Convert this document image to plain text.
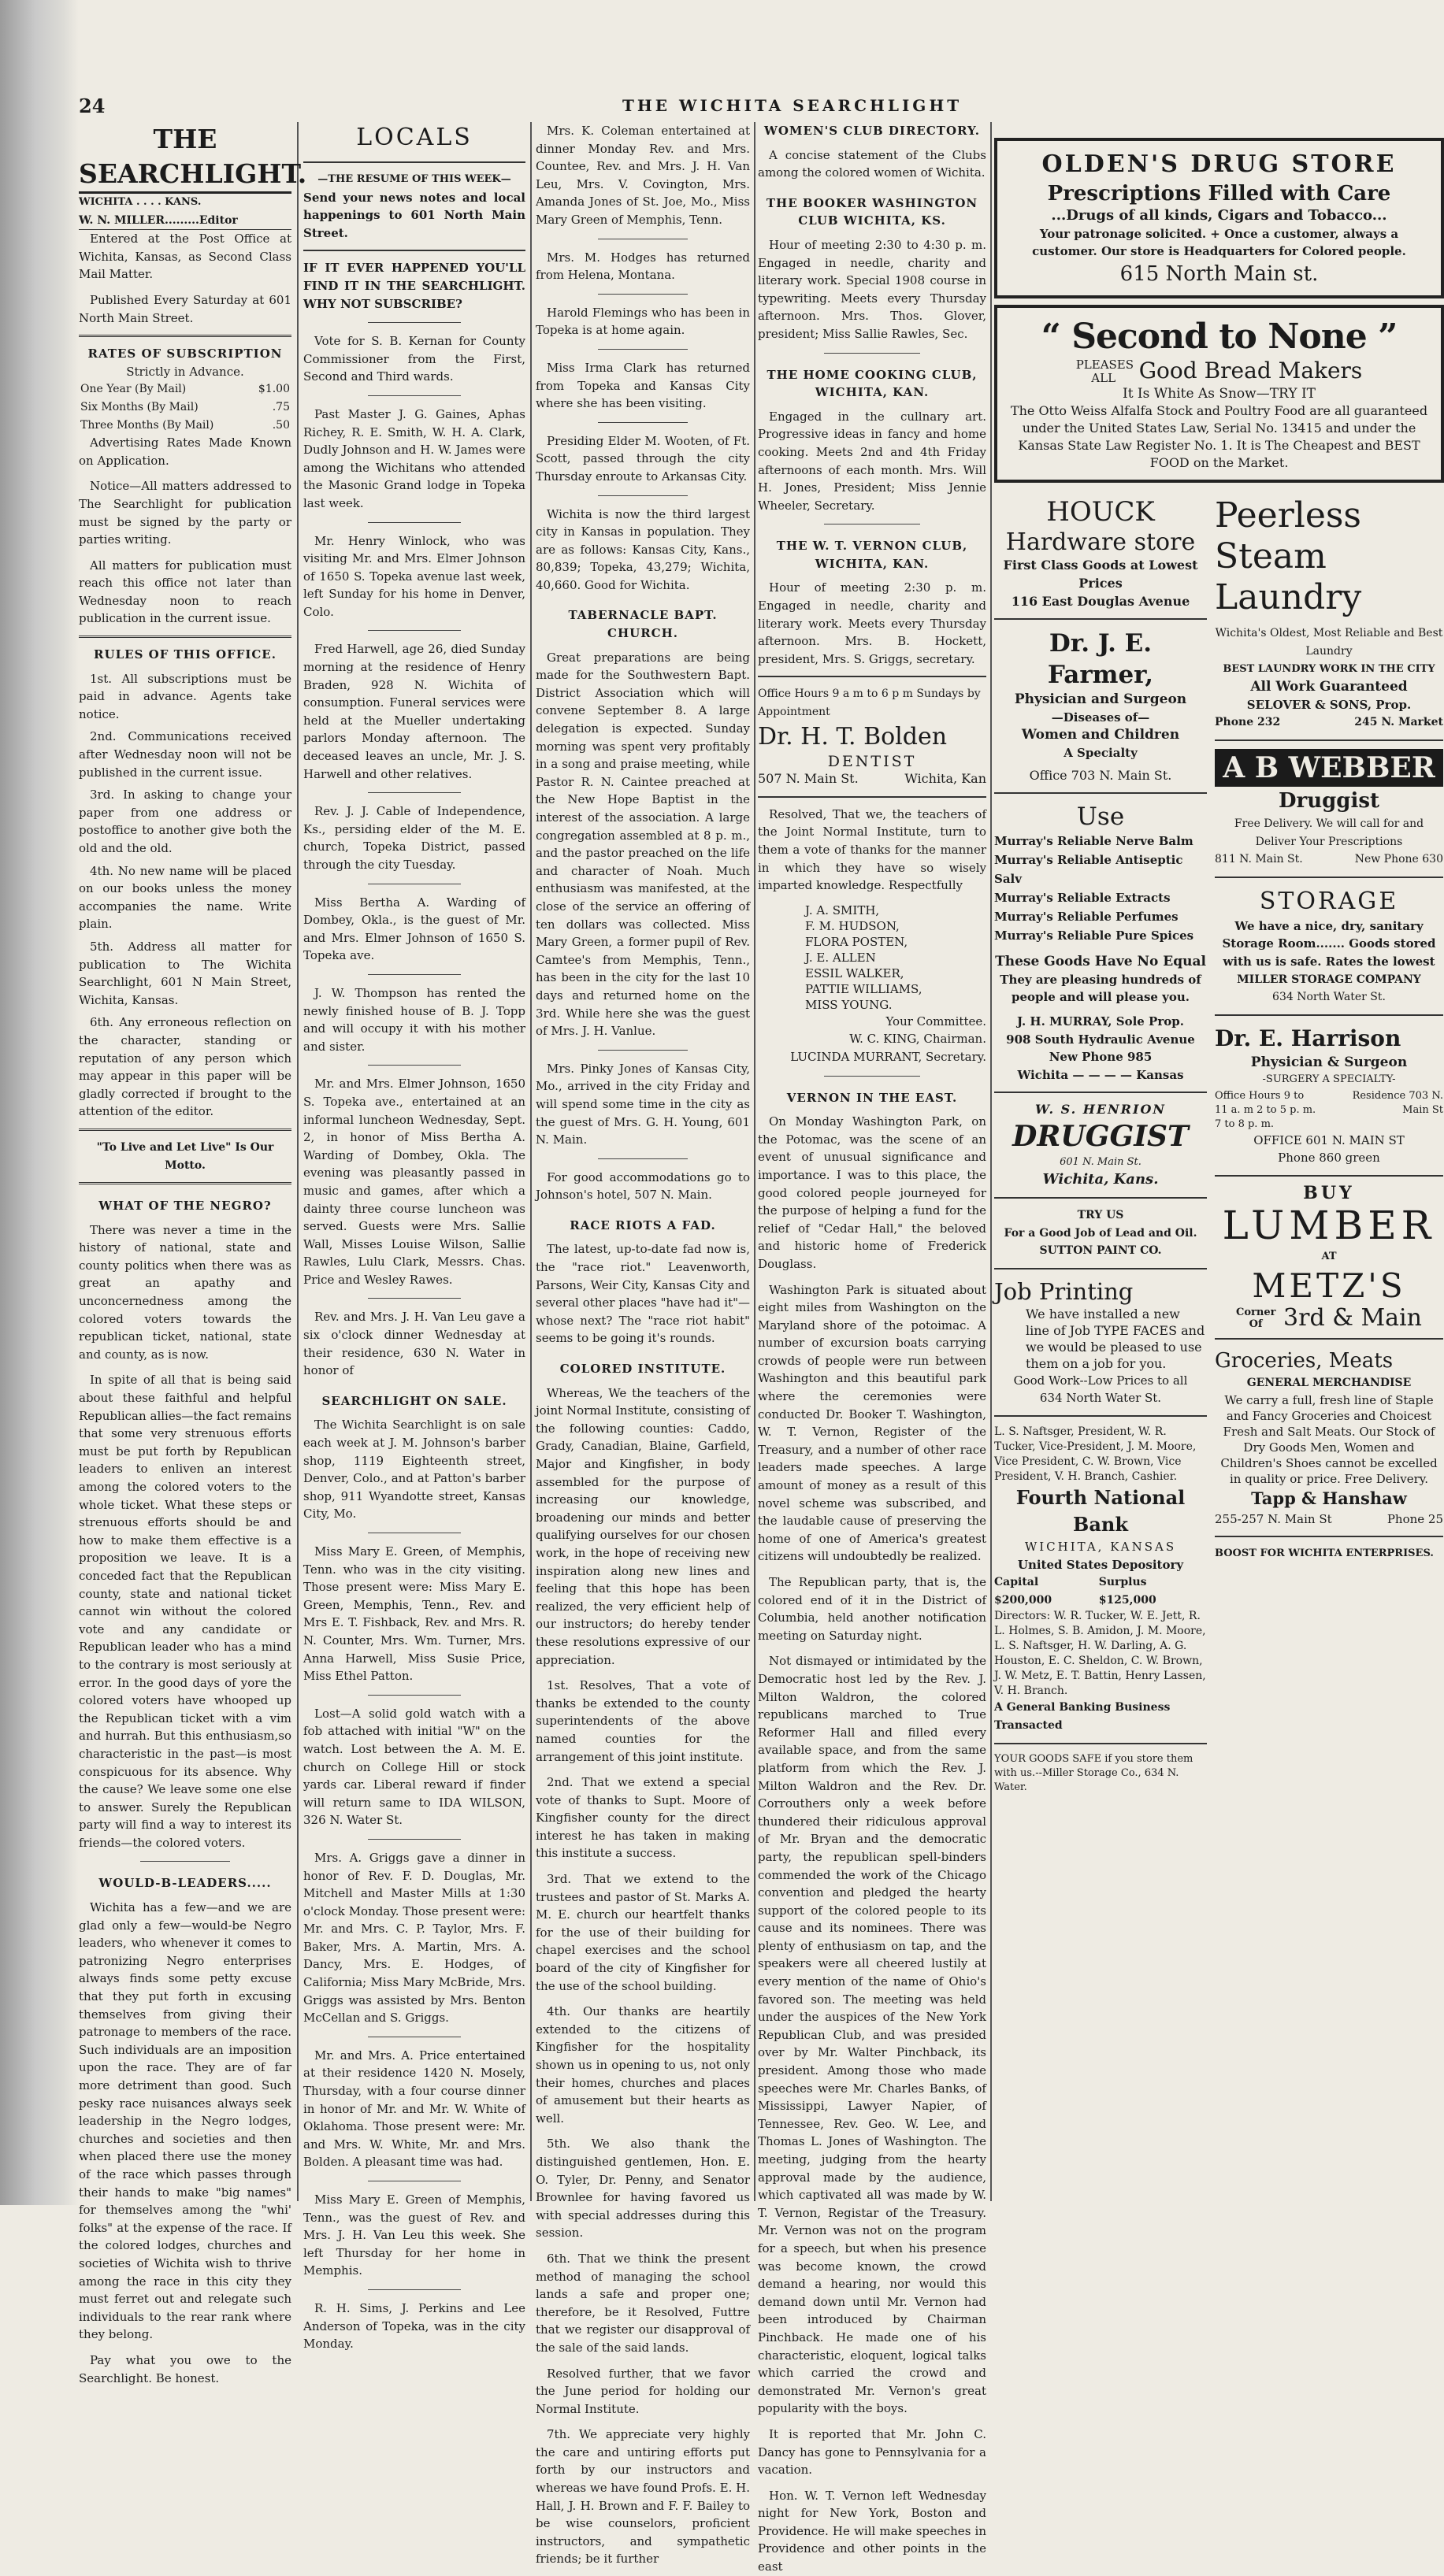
24	THE WICHITA SEARCHLIGHT
THE SEARCHLIGHT.
WICHITA . . . . KANS.
W. N. MILLER.........Editor

Entered at the Post Office at Wichita, Kansas, as Second Class Mail Matter.

Published Every Saturday at 601 North Main Street.

RATES OF SUBSCRIPTION
Strictly in Advance.
One Year (By Mail)	$1.00
Six Months (By Mail)	.75
Three Months (By Mail)	.50

Advertising Rates Made Known on Application.

Notice—All matters addressed to The Searchlight for publication must be signed by the party or parties writing.

All matters for publication must reach this office not later than Wednesday noon to reach publication in the current issue.

RULES OF THIS OFFICE.

1st. All subscriptions must be paid in advance. Agents take notice.

2nd. Communications received after Wednesday noon will not be published in the current issue.

3rd. In asking to change your paper from one address or postoffice to another give both the old and the old.

4th. No new name will be placed on our books unless the money accompanies the name. Write plain.

5th. Address all matter for publication to The Wichita Searchlight, 601 N Main Street, Wichita, Kansas.

6th. Any erroneous reflection on the character, standing or reputation of any person which may appear in this paper will be gladly corrected if brought to the attention of the editor.

"To Live and Let Live" Is Our Motto.
WHAT OF THE NEGRO?

There was never a time in the history of national, state and county politics when there was as great an apathy and unconcernedness among the colored voters towards the republican ticket, national, state and county, as is now.

In spite of all that is being said about these faithful and helpful Republican allies—the fact remains that some very strenuous efforts must be put forth by Republican leaders to enliven an interest among the colored voters to the whole ticket. What these steps or strenuous efforts should be and how to make them effective is a proposition we leave. It is a conceded fact that the Republican county, state and national ticket cannot win without the colored vote and any candidate or Republican leader who has a mind to the contrary is most seriously at error. In the good days of yore the colored voters have whooped up the Republican ticket with a vim and hurrah. But this enthusiasm,so characteristic in the past—is most conspicuous for its absence. Why the cause? We leave some one else to answer. Surely the Republican party will find a way to interest its friends—the colored voters.

WOULD-B-LEADERS.....

Wichita has a few—and we are glad only a few—would-be Negro leaders, who whenever it comes to patronizing Negro enterprises always finds some petty excuse that they put forth in excusing themselves from giving their patronage to members of the race. Such individuals are an imposition upon the race. They are of far more detriment than good. Such pesky race nuisances always seek leadership in the Negro lodges, churches and societies and then when placed there use the money of the race which passes through their hands to make "big names" for themselves among the "whi' folks" at the expense of the race. If the colored lodges, churches and societies of Wichita wish to thrive among the race in this city they must ferret out and relegate such individuals to the rear rank where they belong.

Pay what you owe to the Searchlight. Be honest.

LOCALS
—THE RESUME OF THIS WEEK—

Send your news notes and local happenings to 601 North Main Street.

IF IT EVER HAPPENED YOU'LL FIND IT IN THE SEARCHLIGHT. WHY NOT SUBSCRIBE?

Vote for S. B. Kernan for County Commissioner from the First, Second and Third wards.

Past Master J. G. Gaines, Aphas Richey, R. E. Smith, W. H. A. Clark, Dudly Johnson and H. W. James were among the Wichitans who attended the Masonic Grand lodge in Topeka last week.

Mr. Henry Winlock, who was visiting Mr. and Mrs. Elmer Johnson of 1650 S. Topeka avenue last week, left Sunday for his home in Denver, Colo.

Fred Harwell, age 26, died Sunday morning at the residence of Henry Braden, 928 N. Wichita of consumption. Funeral services were held at the Mueller undertaking parlors Monday afternoon. The deceased leaves an uncle, Mr. J. S. Harwell and other relatives.

Rev. J. J. Cable of Independence, Ks., persiding elder of the M. E. church, Topeka District, passed through the city Tuesday.

Miss Bertha A. Warding of Dombey, Okla., is the guest of Mr. and Mrs. Elmer Johnson of 1650 S. Topeka ave.

J. W. Thompson has rented the newly finished house of B. J. Topp and will occupy it with his mother and sister.

Mr. and Mrs. Elmer Johnson, 1650 S. Topeka ave., entertained at an informal luncheon Wednesday, Sept. 2, in honor of Miss Bertha A. Warding of Dombey, Okla. The evening was pleasantly passed in music and games, after which a dainty three course luncheon was served. Guests were Mrs. Sallie Wall, Misses Louise Wilson, Sallie Rawles, Lulu Clark, Messrs. Chas. Price and Wesley Rawes.

Rev. and Mrs. J. H. Van Leu gave a six o'clock dinner Wednesday at their residence, 630 N. Water in honor of

SEARCHLIGHT ON SALE.

The Wichita Searchlight is on sale each week at J. M. Johnson's barber shop, 1119 Eighteenth street, Denver, Colo., and at Patton's barber shop, 911 Wyandotte street, Kansas City, Mo.

Miss Mary E. Green, of Memphis, Tenn. who was in the city visiting. Those present were: Miss Mary E. Green, Memphis, Tenn., Rev. and Mrs E. T. Fishback, Rev. and Mrs. R. N. Counter, Mrs. Wm. Turner, Mrs. Anna Harwell, Miss Susie Price, Miss Ethel Patton.

Lost—A solid gold watch with a fob attached with initial "W" on the watch. Lost between the A. M. E. church on College Hill or stock yards car. Liberal reward if finder will return same to IDA WILSON, 326 N. Water St.

Mrs. A. Griggs gave a dinner in honor of Rev. F. D. Douglas, Mr. Mitchell and Master Mills at 1:30 o'clock Monday. Those present were: Mr. and Mrs. C. P. Taylor, Mrs. F. Baker, Mrs. A. Martin, Mrs. A. Dancy, Mrs. E. Hodges, of California; Miss Mary McBride, Mrs. Griggs was assisted by Mrs. Benton McCellan and S. Griggs.

Mr. and Mrs. A. Price entertained at their residence 1420 N. Mosely, Thursday, with a four course dinner in honor of Mr. and Mr. W. White of Oklahoma. Those present were: Mr. and Mrs. W. White, Mr. and Mrs. Bolden. A pleasant time was had.

Miss Mary E. Green of Memphis, Tenn., was the guest of Rev. and Mrs. J. H. Van Leu this week. She left Thursday for her home in Memphis.

R. H. Sims, J. Perkins and Lee Anderson of Topeka, was in the city Monday.

Mrs. K. Coleman entertained at dinner Monday Rev. and Mrs. Countee, Rev. and Mrs. J. H. Van Leu, Mrs. V. Covington, Mrs. Amanda Jones of St. Joe, Mo., Miss Mary Green of Memphis, Tenn.

Mrs. M. Hodges has returned from Helena, Montana.

Harold Flemings who has been in Topeka is at home again.

Miss Irma Clark has returned from Topeka and Kansas City where she has been visiting.

Presiding Elder M. Wooten, of Ft. Scott, passed through the city Thursday enroute to Arkansas City.

Wichita is now the third largest city in Kansas in population. They are as follows: Kansas City, Kans., 80,839; Topeka, 43,279; Wichita, 40,660. Good for Wichita.

TABERNACLE BAPT. CHURCH.

Great preparations are being made for the Southwestern Bapt. District Association which will convene September 8. A large delegation is expected. Sunday morning was spent very profitably in a song and praise meeting, while Pastor R. N. Caintee preached at the New Hope Baptist in the interest of the association. A large congregation assembled at 8 p. m., and the pastor preached on the life and character of Noah. Much enthusiasm was manifested, at the close of the service an offering of ten dollars was collected. Miss Mary Green, a former pupil of Rev. Camtee's from Memphis, Tenn., has been in the city for the last 10 days and returned home on the 3rd. While here she was the guest of Mrs. J. H. Vanlue.

Mrs. Pinky Jones of Kansas City, Mo., arrived in the city Friday and will spend some time in the city as the guest of Mrs. G. H. Young, 601 N. Main.

For good accommodations go to Johnson's hotel, 507 N. Main.

RACE RIOTS A FAD.

The latest, up-to-date fad now is, the "race riot." Leavenworth, Parsons, Weir City, Kansas City and several other places "have had it"—whose next? The "race riot habit" seems to be going it's rounds.

COLORED INSTITUTE.

Whereas, We the teachers of the joint Normal Institute, consisting of the following counties: Caddo, Grady, Canadian, Blaine, Garfield, Major and Kingfisher, in body assembled for the purpose of increasing our knowledge, broadening our minds and better qualifying ourselves for our chosen work, in the hope of receiving new inspiration along new lines and feeling that this hope has been realized, the very efficient help of our instructors; do hereby tender these resolutions expressive of our appreciation.

1st. Resolves, That a vote of thanks be extended to the county superintendents of the above named counties for the arrangement of this joint institute.

2nd. That we extend a special vote of thanks to Supt. Moore of Kingfisher county for the direct interest he has taken in making this institute a success.

3rd. That we extend to the trustees and pastor of St. Marks A. M. E. church our heartfelt thanks for the use of their building for chapel exercises and the school board of the city of Kingfisher for the use of the school building.

4th. Our thanks are heartily extended to the citizens of Kingfisher for the hospitality shown us in opening to us, not only their homes, churches and places of amusement but their hearts as well.

5th. We also thank the distinguished gentlemen, Hon. E. O. Tyler, Dr. Penny, and Senator Brownlee for having favored us with special addresses during this session.

6th. That we think the present method of managing the school lands a safe and proper one; therefore, be it Resolved, Futtre that we register our disapproval of the sale of the said lands.

Resolved further, that we favor the June period for holding our Normal Institute.

7th. We appreciate very highly the care and untiring efforts put forth by our instructors and whereas we have found Profs. E. H. Hall, J. H. Brown and F. F. Bailey to be wise counselors, proficient instructors, and sympathetic friends; be it further

WOMEN'S CLUB DIRECTORY.

A concise statement of the Clubs among the colored women of Wichita.

THE BOOKER WASHINGTON CLUB WICHITA, KS.

Hour of meeting 2:30 to 4:30 p. m. Engaged in needle, charity and literary work. Special 1908 course in typewriting. Meets every Thursday afternoon. Mrs. Thos. Glover, president; Miss Sallie Rawles, Sec.

THE HOME COOKING CLUB, WICHITA, KAN.

Engaged in the cullnary art. Progressive ideas in fancy and home cooking. Meets 2nd and 4th Friday afternoons of each month. Mrs. Will H. Jones, President; Miss Jennie Wheeler, Secretary.

THE W. T. VERNON CLUB, WICHITA, KAN.

Hour of meeting 2:30 p. m. Engaged in needle, charity and literary work. Meets every Thursday afternoon. Mrs. B. Hockett, president, Mrs. S. Griggs, secretary.

Office Hours 9 a m to 6 p m Sundays by Appointment
Dr. H. T. Bolden
DENTIST
507 N. Main St.	Wichita, Kan

Resolved, That we, the teachers of the Joint Normal Institute, turn to them a vote of thanks for the manner in which they have so wisely imparted knowledge. Respectfully

J. A. SMITH,
F. M. HUDSON,
FLORA POSTEN,
J. E. ALLEN
ESSIL WALKER,
PATTIE WILLIAMS,
MISS YOUNG.
Your Committee.
W. C. KING, Chairman.
LUCINDA MURRANT, Secretary.
VERNON IN THE EAST.

On Monday Washington Park, on the Potomac, was the scene of an event of unusual significance and importance. I was to this place, the good colored people journeyed for the purpose of helping a fund for the relief of "Cedar Hall," the beloved and historic home of Frederick Douglass.

Washington Park is situated about eight miles from Washington on the Maryland shore of the potoimac. A number of excursion boats carrying crowds of people were run between Washington and this beautiful park where the ceremonies were conducted Dr. Booker T. Washington, W. T. Vernon, Register of the Treasury, and a number of other race leaders made speeches. A large amount of money as a result of this novel scheme was subscribed, and the laudable cause of preserving the home of one of America's greatest citizens will undoubtedly be realized.

The Republican party, that is, the colored end of it in the District of Columbia, held another notification meeting on Saturday night.

Not dismayed or intimidated by the Democratic host led by the Rev. J. Milton Waldron, the colored republicans marched to True Reformer Hall and filled every available space, and from the same platform from which the Rev. J. Milton Waldron and the Rev. Dr. Corrouthers only a week before thundered their ridiculous approval of Mr. Bryan and the democratic party, the republican spell-binders commended the work of the Chicago convention and pledged the hearty support of the colored people to its cause and its nominees. There was plenty of enthusiasm on tap, and the speakers were all cheered lustily at every mention of the name of Ohio's favored son. The meeting was held under the auspices of the New York Republican Club, and was presided over by Mr. Walter Pinchback, its president. Among those who made speeches were Mr. Charles Banks, of Mississippi, Lawyer Napier, of Tennessee, Rev. Geo. W. Lee, and Thomas L. Jones of Washington. The meeting, judging from the hearty approval made by the audience, which captivated all was made by W. T. Vernon, Registar of the Treasury. Mr. Vernon was not on the program for a speech, but when his presence was become known, the crowd demand a hearing, nor would this demand down until Mr. Vernon had been introduced by Chairman Pinchback. He made one of his characteristic, eloquent, logical talks which carried the crowd and demonstrated Mr. Vernon's great popularity with the boys.

It is reported that Mr. John C. Dancy has gone to Pennsylvania for a vacation.

Hon. W. T. Vernon left Wednesday night for New York, Boston and Providence. He will make speeches in Providence and other points in the east

OLDEN'S DRUG STORE
Prescriptions Filled with Care
...Drugs of all kinds, Cigars and Tobacco...
Your patronage solicited. + Once a customer, always a customer. Our store is Headquarters for Colored people.
615 North Main st.
“ Second to None ”
PLEASES ALL	Good Bread Makers
It Is White As Snow—TRY IT
The Otto Weiss Alfalfa Stock and Poultry Food are all guaranteed under the United States Law, Serial No. 13415 and under the Kansas State Law Register No. 1. It is The Cheapest and BEST FOOD on the Market.
HOUCK
Hardware store
First Class Goods at Lowest Prices
116 East Douglas Avenue
Dr. J. E. Farmer,
Physician and Surgeon
—Diseases of—
Women and Children
A Specialty
Office 703 N. Main St.
Use
Murray's Reliable Nerve Balm
Murray's Reliable Antiseptic Salv
Murray's Reliable Extracts
Murray's Reliable Perfumes
Murray's Reliable Pure Spices
These Goods Have No Equal
They are pleasing hundreds of people and will please you.
J. H. MURRAY, Sole Prop.
908 South Hydraulic Avenue
New Phone 985
Wichita — — — — Kansas
W. S. HENRION
DRUGGIST
601 N. Main St.
Wichita, Kans.
TRY US
For a Good Job of Lead and Oil.
SUTTON PAINT CO.
Job Printing
We have installed a new line of Job TYPE FACES and we would be pleased to use them on a job for you.
Good Work--Low Prices to all
634 North Water St.
L. S. Naftsger, President, W. R. Tucker, Vice-President, J. M. Moore, Vice President, C. W. Brown, Vice President, V. H. Branch, Cashier.
Fourth National Bank
WICHITA, KANSAS
United States Depository
Capital $200,000
Surplus $125,000
Directors: W. R. Tucker, W. E. Jett, R. L. Holmes, S. B. Amidon, J. M. Moore, L. S. Naftsger, H. W. Darling, A. G. Houston, E. C. Sheldon, C. W. Brown, J. W. Metz, E. T. Battin, Henry Lassen, V. H. Branch.
A General Banking Business Transacted
YOUR GOODS SAFE if you store them with us.--Miller Storage Co., 634 N. Water.
Peerless
Steam
Laundry
Wichita's Oldest, Most Reliable and Best Laundry
BEST LAUNDRY WORK IN THE CITY
All Work Guaranteed
SELOVER & SONS, Prop.
Phone 232	245 N. Market
A B WEBBER
Druggist
Free Delivery. We will call for and Deliver Your Prescriptions
811 N. Main St.	New Phone 630
STORAGE
We have a nice, dry, sanitary Storage Room....... Goods stored with us is safe. Rates the lowest
MILLER STORAGE COMPANY
634 North Water St.
Dr. E. Harrison
Physician & Surgeon
-SURGERY A SPECIALTY-
Office Hours 9 to 11 a. m 2 to 5 p. m. 7 to 8 p. m.
Residence 703 N. Main St
OFFICE 601 N. MAIN ST
Phone 860 green
BUY
LUMBER
AT
METZ'S
Corner Of 3rd & Main
Groceries, Meats
GENERAL MERCHANDISE
We carry a full, fresh line of Staple and Fancy Groceries and Choicest Fresh and Salt Meats. Our Stock of Dry Goods Men, Women and Children's Shoes cannot be excelled in quality or price. Free Delivery.
Tapp & Hanshaw
255-257 N. Main St	Phone 25
BOOST FOR WICHITA ENTERPRISES.
